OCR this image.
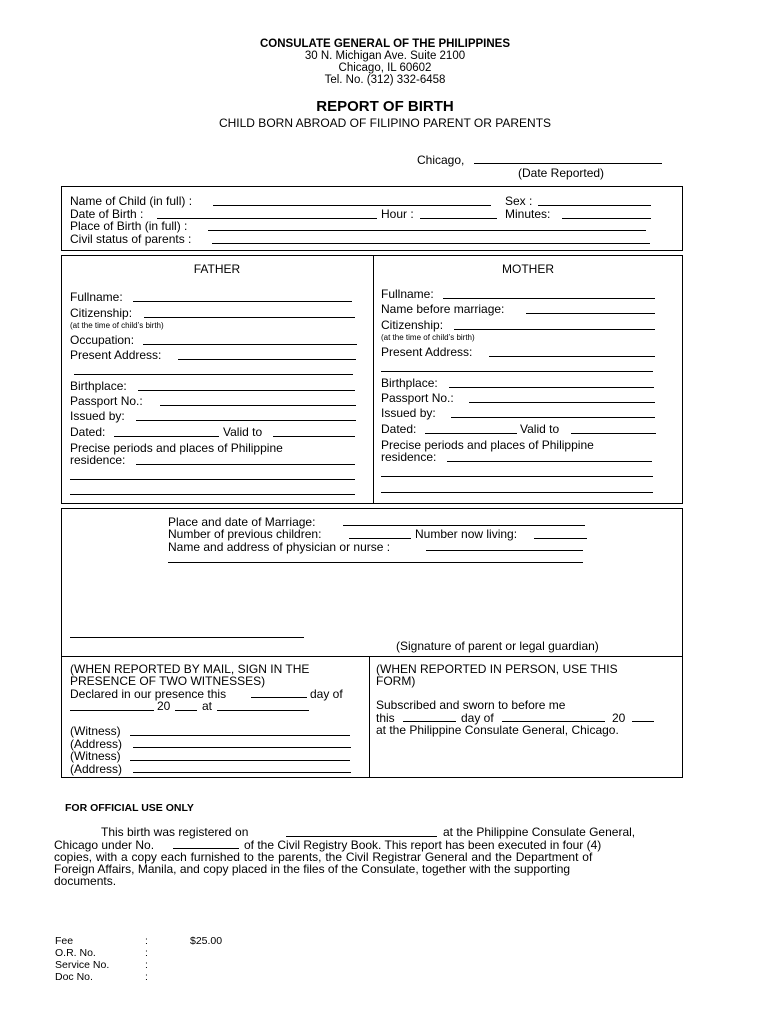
CONSULATE GENERAL OF THE PHILIPPINES
30 N. Michigan Ave. Suite 2100
Chicago, IL 60602
Tel. No. (312) 332-6458
REPORT OF BIRTH
CHILD BORN ABROAD OF FILIPINO PARENT OR PARENTS
Chicago,
(Date Reported)
Name of Child (in full) :	Sex :
Date of Birth :	Hour :	Minutes:
Place of Birth (in full) :
Civil status of parents :
FATHER
Fullname:
Citizenship:
(at the time of child’s birth)
Occupation:
Present Address:
Birthplace:
Passport No.:
Issued by:
Dated:	Valid to
Precise periods and places of Philippine
residence:
MOTHER
Fullname:
Name before marriage:
Citizenship:
(at the time of child’s birth)
Present Address:
Birthplace:
Passport No.:
Issued by:
Dated:	Valid to
Precise periods and places of Philippine
residence:
Place and date of Marriage:
Number of previous children:	Number now living:
Name and address of physician or nurse :
(Signature of parent or legal guardian)
(WHEN REPORTED BY MAIL, SIGN IN THE
PRESENCE OF TWO WITNESSES)
Declared in our presence this	day of
20	at
(Witness)
(Address)
(Witness)
(Address)
(WHEN REPORTED IN PERSON, USE THIS
FORM)
Subscribed and sworn to before me
this	day of	20
at the Philippine Consulate General, Chicago.
FOR OFFICIAL USE ONLY
This birth was registered on	at the Philippine Consulate General,
Chicago under No.	of the Civil Registry Book. This report has been executed in four (4)
copies, with a copy each furnished to the parents, the Civil Registrar General and the Department of
Foreign Affairs, Manila, and copy placed in the files of the Consulate, together with the supporting
documents.
Fee	:	$25.00
O.R. No.	:
Service No.	:
Doc No.	:
